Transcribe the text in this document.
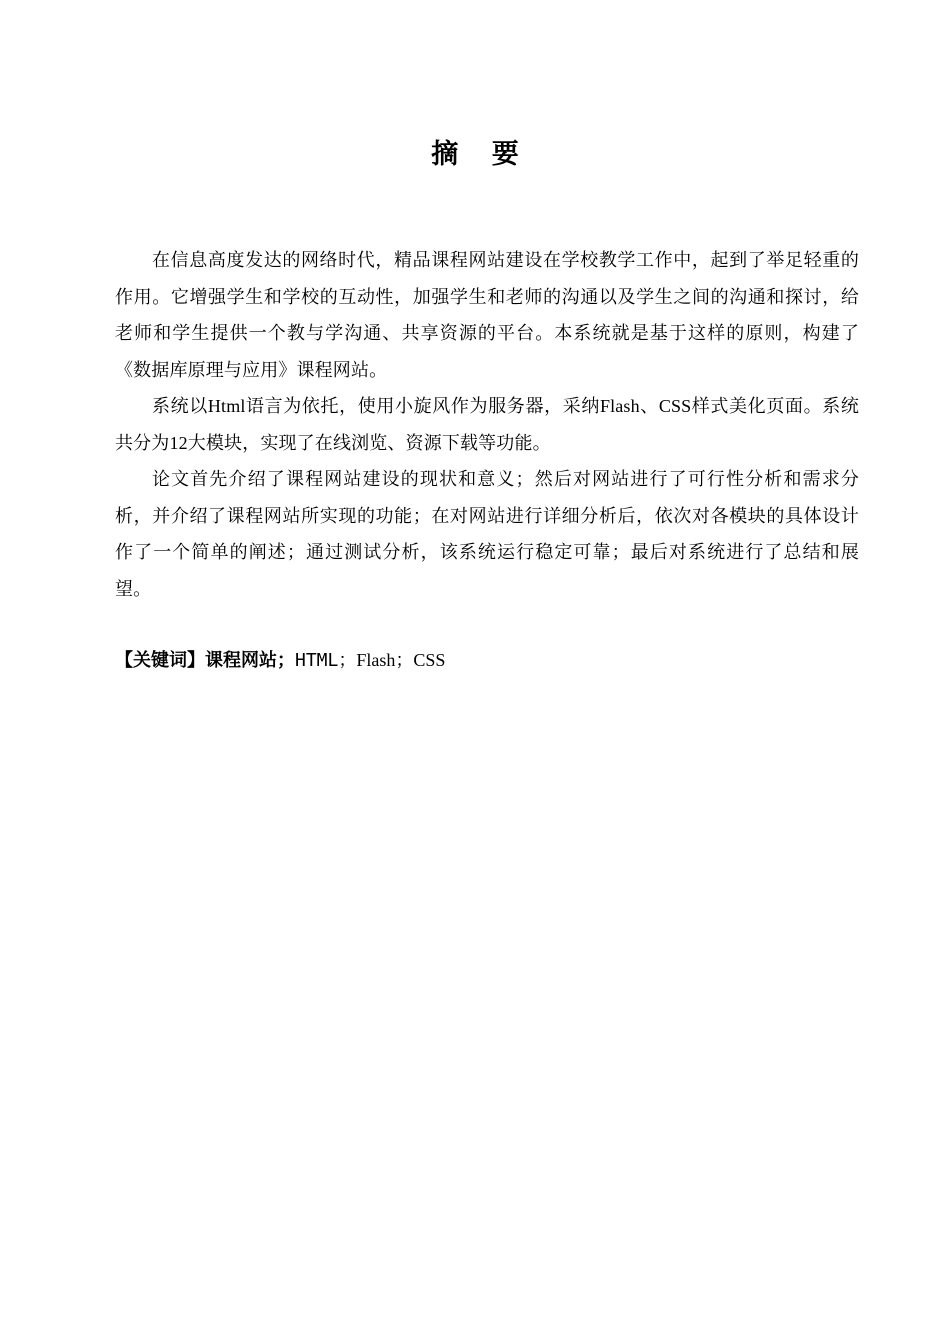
摘 要

在信息高度发达的网络时代，精品课程网站建设在学校教学工作中，起到了举足轻重的作用。它增强学生和学校的互动性，加强学生和老师的沟通以及学生之间的沟通和探讨，给老师和学生提供一个教与学沟通、共享资源的平台。本系统就是基于这样的原则，构建了《数据库原理与应用》课程网站。

系统以Html语言为依托，使用小旋风作为服务器，采纳Flash、CSS样式美化页面。系统共分为12大模块，实现了在线浏览、资源下载等功能。

论文首先介绍了课程网站建设的现状和意义；然后对网站进行了可行性分析和需求分析，并介绍了课程网站所实现的功能；在对网站进行详细分析后，依次对各模块的具体设计作了一个简单的阐述；通过测试分析，该系统运行稳定可靠；最后对系统进行了总结和展望。

【关键词】课程网站；HTML；Flash；CSS
